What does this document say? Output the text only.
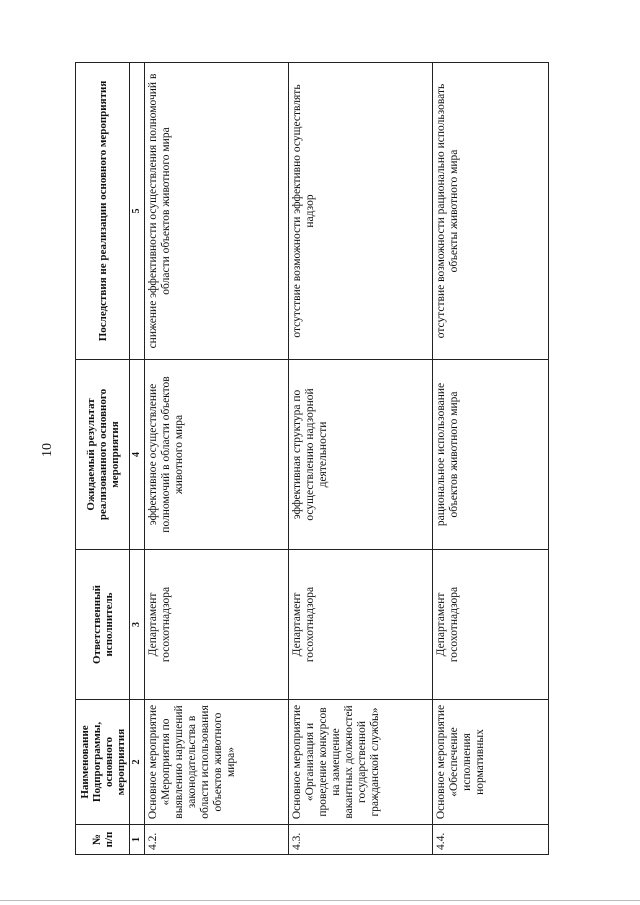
10
№ п/п	Наименование Подпрограммы, основного мероприятия	Ответственный исполнитель	Ожидаемый результат реализованного основного мероприятия	Последствия не реализации основного мероприятия
1	2	3	4	5
4.2.	Основное мероприятие «Мероприятия по выявлению нарушений законодательства в области использования объектов животного мира»	Департамент госохотнадзора	эффективное осуществление полномочий в области объектов животного мира	снижение эффективности осуществления полномочий в области объектов животного мира
4.3.	Основное мероприятие «Организация и проведение конкурсов на замещение вакантных должностей государственной гражданской службы»	Департамент госохотнадзора	эффективная структура по осуществлению надзорной деятельности	отсутствие возможности эффективно осуществлять надзор
4.4.	Основное мероприятие «Обеспечение исполнения нормативных	Департамент госохотнадзора	рациональное использование объектов животного мира	отсутствие возможности рационально использовать объекты животного мира
